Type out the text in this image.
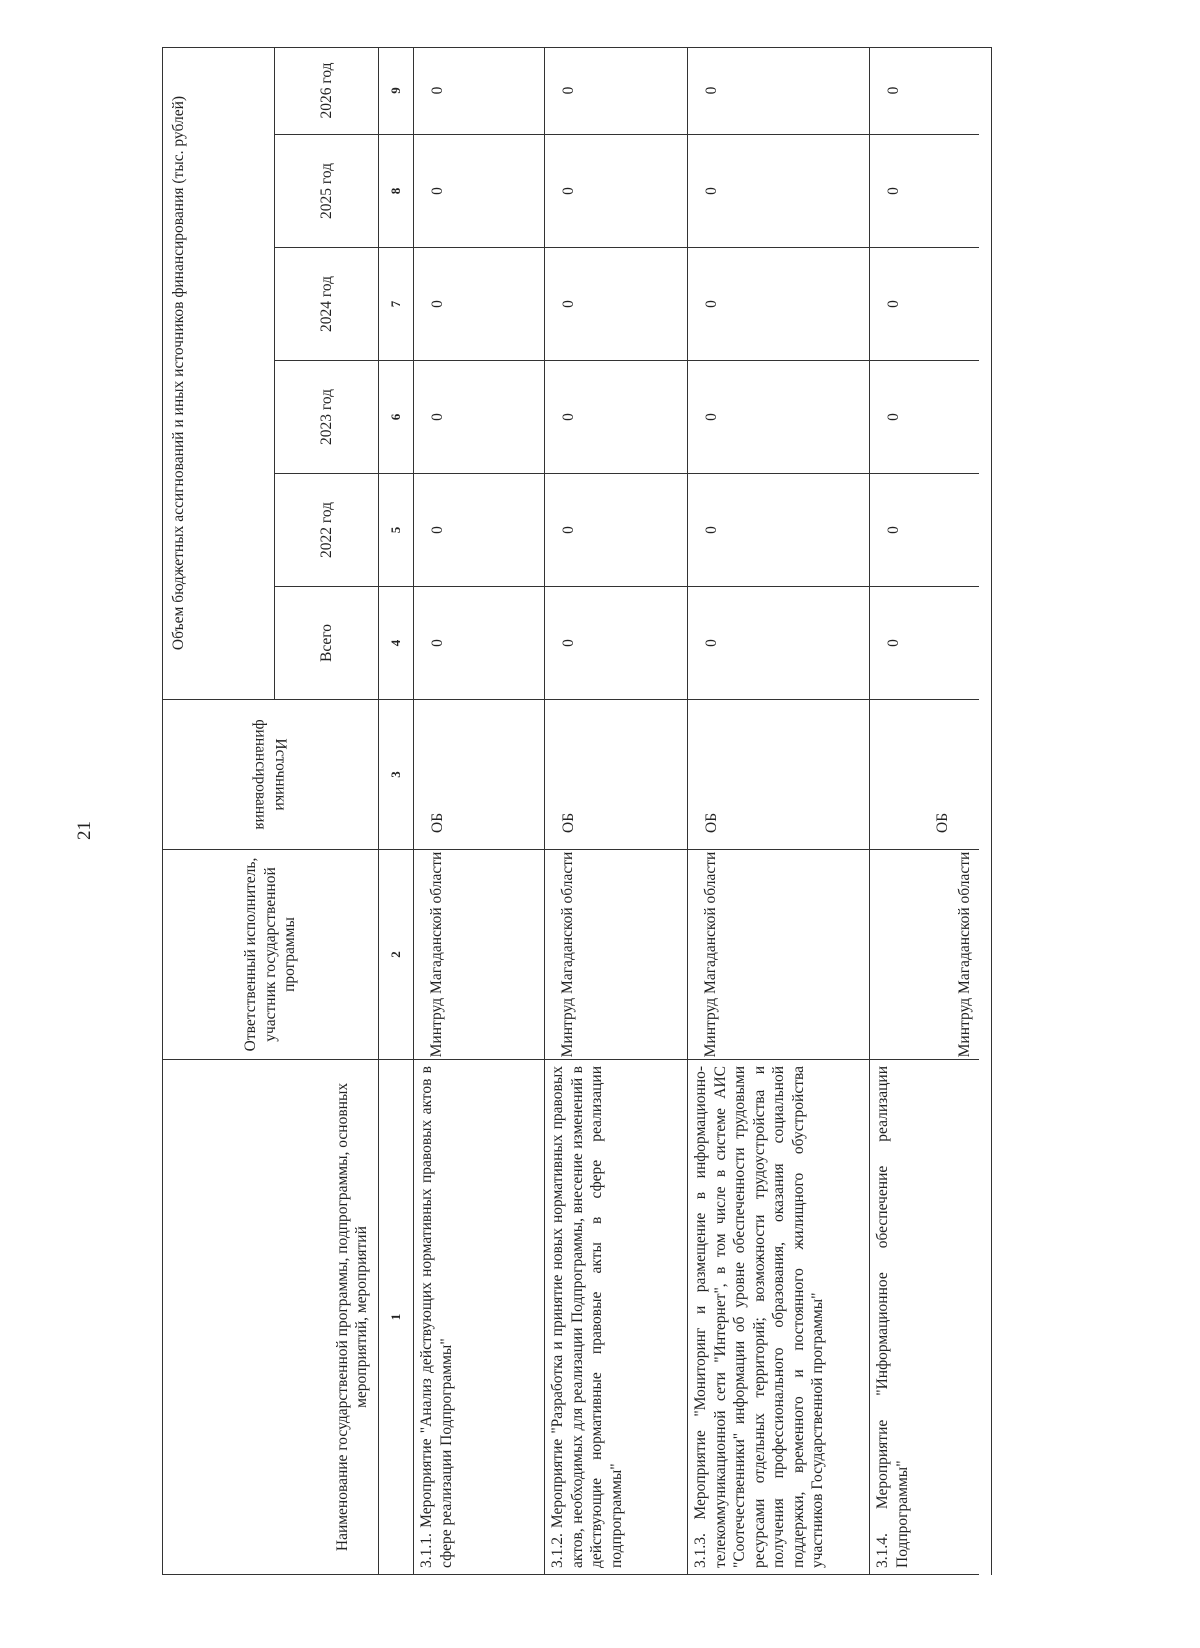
21
Наименование государственной программы, подпрограммы, основных мероприятий, мероприятий
Ответственный исполнитель, участник государственной программы
Источники финансирования
Объем бюджетных ассигнований и иных источников финансирования (тыс. рублей)	Всего
2022 год
2023 год
2024 год
2025 год
2026 год
1
2
3
4
5
6
7
8
9
3.1.1. Мероприятие "Анализ действующих нормативных правовых актов в сфере реализации Подпрограммы"
Минтруд Магаданской области
ОБ
0
0
0
0
0
0
3.1.2. Мероприятие "Разработка и принятие новых нормативных правовых актов, необходимых для реализации Подпрограммы, внесение изменений в действующие нормативные правовые акты в сфере реализации подпрограммы"
Минтруд Магаданской области
ОБ
0
0
0
0
0
0
3.1.3. Мероприятие "Мониторинг и размещение в информационно-телекоммуникационной сети "Интернет", в том числе в системе АИС "Соотечественники" информации об уровне обеспеченности трудовыми ресурсами отдельных территорий; возможности трудоустройства и получения профессионального образования, оказания социальной поддержки, временного и постоянного жилищного обустройства участников Государственной программы"
Минтруд Магаданской области
ОБ
0
0
0
0
0
0
3.1.4. Мероприятие "Информационное обеспечение реализации Подпрограммы"
Минтруд Магаданской области
ОБ
0
0
0
0
0
0
